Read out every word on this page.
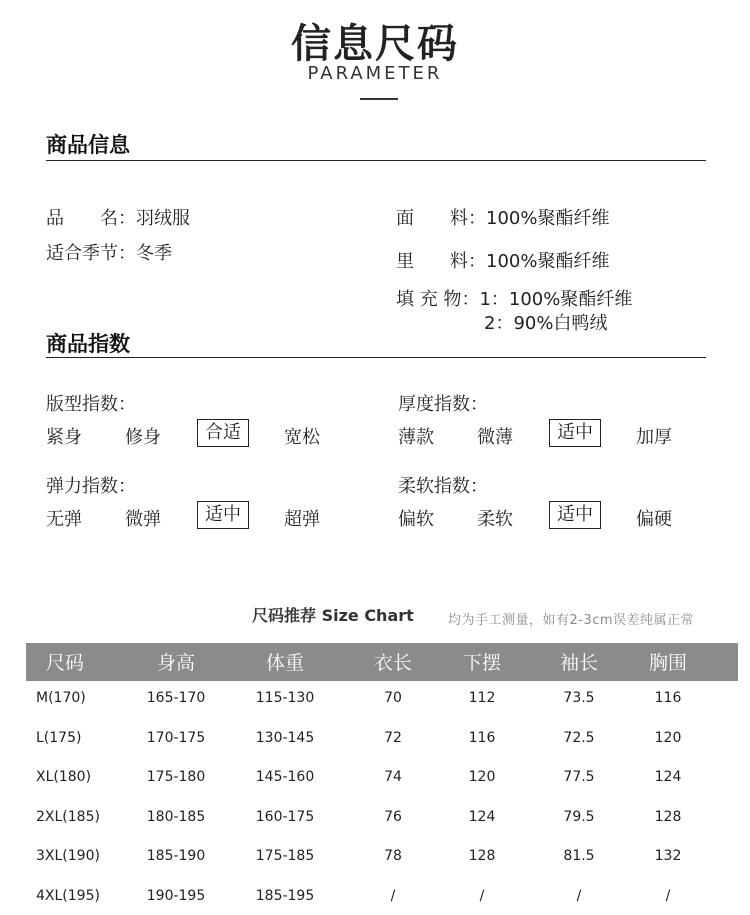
信息尺码
PARAMETER
商品信息
品　　名：羽绒服
适合季节：冬季
面　　料：100%聚酯纤维
里　　料：100%聚酯纤维
填 充 物：1：100%聚酯纤维
2：90%白鸭绒
商品指数
版型指数：
紧身 修身	合适	宽松
厚度指数：
薄款 微薄	适中	加厚
弹力指数：
无弹 微弹	适中	超弹
柔软指数：
偏软 柔软	适中	偏硬
尺码推荐 Size Chart	均为手工测量，如有2-3cm误差纯属正常
尺码	身高	体重	衣长	下摆	袖长	胸围
M(170)	165-170	115-130	70	112	73.5	116
L(175)	170-175	130-145	72	116	72.5	120
XL(180)	175-180	145-160	74	120	77.5	124
2XL(185)	180-185	160-175	76	124	79.5	128
3XL(190)	185-190	175-185	78	128	81.5	132
4XL(195)	190-195	185-195	/	/	/	/
